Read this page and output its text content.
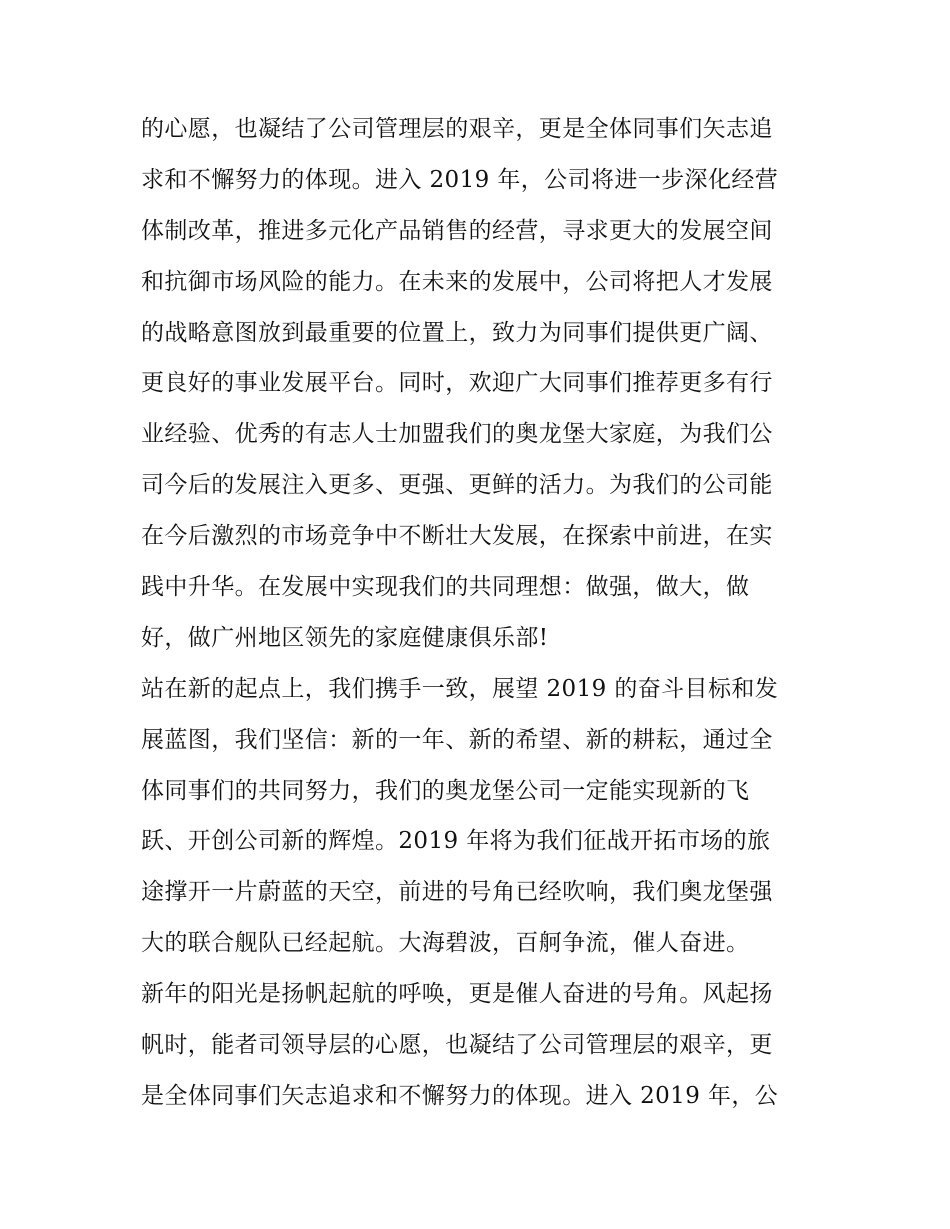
的心愿，也凝结了公司管理层的艰辛，更是全体同事们矢志追
求和不懈努力的体现。进入 2019 年，公司将进一步深化经营
体制改革，推进多元化产品销售的经营，寻求更大的发展空间
和抗御市场风险的能力。在未来的发展中，公司将把人才发展
的战略意图放到最重要的位置上，致力为同事们提供更广阔、
更良好的事业发展平台。同时，欢迎广大同事们推荐更多有行
业经验、优秀的有志人士加盟我们的奥龙堡大家庭，为我们公
司今后的发展注入更多、更强、更鲜的活力。为我们的公司能
在今后激烈的市场竞争中不断壮大发展，在探索中前进，在实
践中升华。在发展中实现我们的共同理想：做强，做大，做
好，做广州地区领先的家庭健康俱乐部!
站在新的起点上，我们携手一致，展望 2019 的奋斗目标和发
展蓝图，我们坚信：新的一年、新的希望、新的耕耘，通过全
体同事们的共同努力，我们的奥龙堡公司一定能实现新的飞
跃、开创公司新的辉煌。2019 年将为我们征战开拓市场的旅
途撑开一片蔚蓝的天空，前进的号角已经吹响，我们奥龙堡强
大的联合舰队已经起航。大海碧波，百舸争流，催人奋进。
新年的阳光是扬帆起航的呼唤，更是催人奋进的号角。风起扬
帆时，能者司领导层的心愿，也凝结了公司管理层的艰辛，更
是全体同事们矢志追求和不懈努力的体现。进入 2019 年，公
